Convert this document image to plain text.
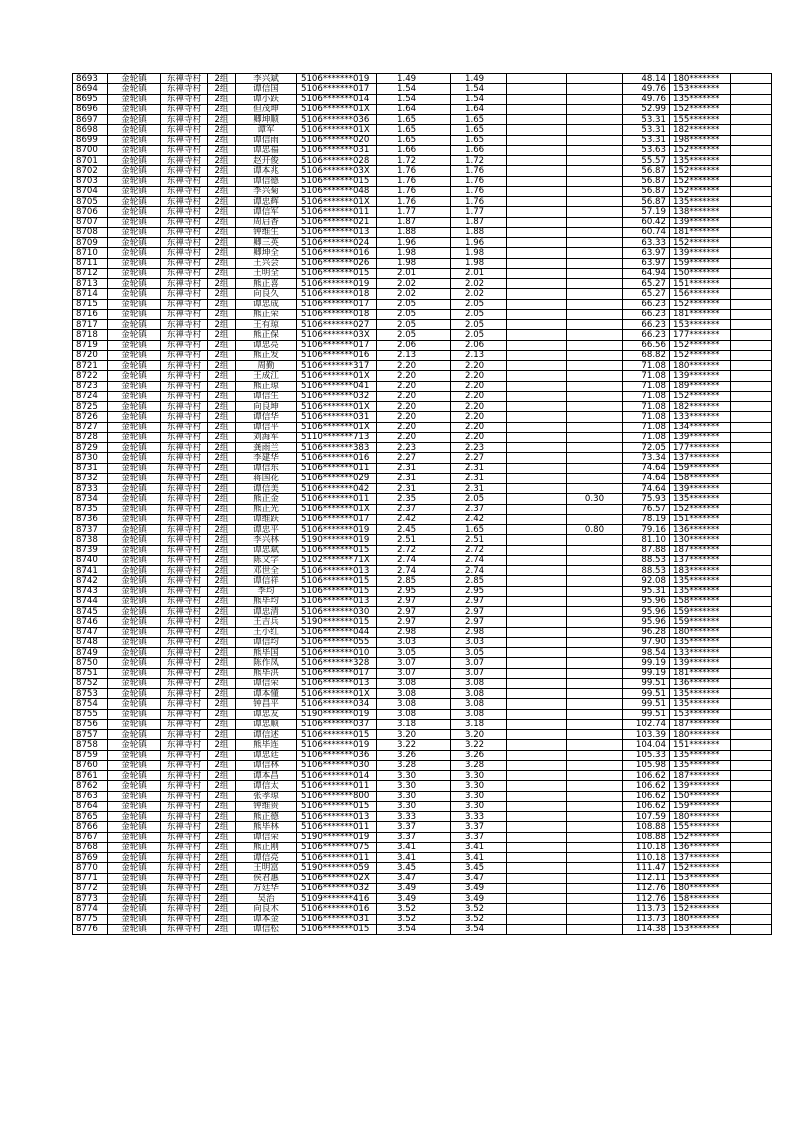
8693	金轮镇	东禅寺村	2组	李兴斌	5106*******019	1.49	1.49			48.14	180*******	
8694	金轮镇	东禅寺村	2组	谭信国	5106*******017	1.54	1.54			49.76	153*******	
8695	金轮镇	东禅寺村	2组	谭小跃	5106*******014	1.54	1.54			49.76	135*******	
8696	金轮镇	东禅寺村	2组	但茂坤	5106*******01X	1.64	1.64			52.99	152*******	
8697	金轮镇	东禅寺村	2组	卿坤顺	5106*******036	1.65	1.65			53.31	155*******	
8698	金轮镇	东禅寺村	2组	谭军	5106*******01X	1.65	1.65			53.31	182*******	
8699	金轮镇	东禅寺村	2组	谭信雨	5106*******020	1.65	1.65			53.31	198*******	
8700	金轮镇	东禅寺村	2组	谭忠福	5106*******031	1.66	1.66			53.63	152*******	
8701	金轮镇	东禅寺村	2组	赵开俊	5106*******028	1.72	1.72			55.57	135*******	
8702	金轮镇	东禅寺村	2组	谭本兆	5106*******03X	1.76	1.76			56.87	152*******	
8703	金轮镇	东禅寺村	2组	谭信德	5106*******015	1.76	1.76			56.87	152*******	
8704	金轮镇	东禅寺村	2组	李兴菊	5106*******048	1.76	1.76			56.87	152*******	
8705	金轮镇	东禅寺村	2组	谭忠辉	5106*******01X	1.76	1.76			56.87	135*******	
8706	金轮镇	东禅寺村	2组	谭信军	5106*******011	1.77	1.77			57.19	138*******	
8707	金轮镇	东禅寺村	2组	周启香	5106*******021	1.87	1.87			60.42	139*******	
8708	金轮镇	东禅寺村	2组	钟维生	5106*******013	1.88	1.88			60.74	181*******	
8709	金轮镇	东禅寺村	2组	卿三英	5106*******024	1.96	1.96			63.33	152*******	
8710	金轮镇	东禅寺村	2组	卿坤全	5106*******016	1.98	1.98			63.97	139*******	
8711	金轮镇	东禅寺村	2组	王兴会	5106*******026	1.98	1.98			63.97	159*******	
8712	金轮镇	东禅寺村	2组	王明全	5106*******015	2.01	2.01			64.94	150*******	
8713	金轮镇	东禅寺村	2组	熊正喜	5106*******019	2.02	2.02			65.27	151*******	
8714	金轮镇	东禅寺村	2组	向良久	5106*******018	2.02	2.02			65.27	156*******	
8715	金轮镇	东禅寺村	2组	谭忠成	5106*******017	2.05	2.05			66.23	152*******	
8716	金轮镇	东禅寺村	2组	熊正荣	5106*******018	2.05	2.05			66.23	181*******	
8717	金轮镇	东禅寺村	2组	王有琼	5106*******027	2.05	2.05			66.23	153*******	
8718	金轮镇	东禅寺村	2组	熊正保	5106*******03X	2.05	2.05			66.23	177*******	
8719	金轮镇	东禅寺村	2组	谭忠亮	5106*******017	2.06	2.06			66.56	152*******	
8720	金轮镇	东禅寺村	2组	熊正发	5106*******016	2.13	2.13			68.82	152*******	
8721	金轮镇	东禅寺村	2组	周勤	5106*******317	2.20	2.20			71.08	180*******	
8722	金轮镇	东禅寺村	2组	王成江	5106*******01X	2.20	2.20			71.08	139*******	
8723	金轮镇	东禅寺村	2组	熊正琼	5106*******041	2.20	2.20			71.08	189*******	
8724	金轮镇	东禅寺村	2组	谭信生	5106*******032	2.20	2.20			71.08	152*******	
8725	金轮镇	东禅寺村	2组	向良坤	5106*******01X	2.20	2.20			71.08	182*******	
8726	金轮镇	东禅寺村	2组	谭信华	5106*******031	2.20	2.20			71.08	133*******	
8727	金轮镇	东禅寺村	2组	谭信平	5106*******01X	2.20	2.20			71.08	134*******	
8728	金轮镇	东禅寺村	2组	刘海军	5110*******713	2.20	2.20			71.08	139*******	
8729	金轮镇	东禅寺村	2组	龚雨兰	5106*******383	2.23	2.23			72.05	177*******	
8730	金轮镇	东禅寺村	2组	李建华	5106*******016	2.27	2.27			73.34	137*******	
8731	金轮镇	东禅寺村	2组	谭信东	5106*******011	2.31	2.31			74.64	159*******	
8732	金轮镇	东禅寺村	2组	蒋国花	5106*******029	2.31	2.31			74.64	158*******	
8733	金轮镇	东禅寺村	2组	谭信美	5106*******042	2.31	2.31			74.64	139*******	
8734	金轮镇	东禅寺村	2组	熊正金	5106*******011	2.35	2.05		0.30	75.93	135*******	
8735	金轮镇	东禅寺村	2组	熊正光	5106*******01X	2.37	2.37			76.57	152*******	
8736	金轮镇	东禅寺村	2组	谭维跃	5106*******017	2.42	2.42			78.19	151*******	
8737	金轮镇	东禅寺村	2组	谭忠平	5106*******019	2.45	1.65		0.80	79.16	136*******	
8738	金轮镇	东禅寺村	2组	李兴林	5190*******019	2.51	2.51			81.10	130*******	
8739	金轮镇	东禅寺村	2组	谭忠斌	5106*******015	2.72	2.72			87.88	187*******	
8740	金轮镇	东禅寺村	2组	陈文学	5102*******71X	2.74	2.74			88.53	137*******	
8741	金轮镇	东禅寺村	2组	邓世全	5106*******013	2.74	2.74			88.53	183*******	
8742	金轮镇	东禅寺村	2组	谭信祥	5106*******015	2.85	2.85			92.08	135*******	
8743	金轮镇	东禅寺村	2组	李均	5106*******015	2.95	2.95			95.31	135*******	
8744	金轮镇	东禅寺村	2组	熊毕均	5106*******013	2.97	2.97			95.96	158*******	
8745	金轮镇	东禅寺村	2组	谭忠清	5106*******030	2.97	2.97			95.96	159*******	
8746	金轮镇	东禅寺村	2组	王吉兵	5190*******015	2.97	2.97			95.96	159*******	
8747	金轮镇	东禅寺村	2组	王小红	5106*******044	2.98	2.98			96.28	180*******	
8748	金轮镇	东禅寺村	2组	谭信均	5106*******055	3.03	3.03			97.90	135*******	
8749	金轮镇	东禅寺村	2组	熊毕国	5106*******010	3.05	3.05			98.54	133*******	
8750	金轮镇	东禅寺村	2组	陈作凤	5106*******328	3.07	3.07			99.19	139*******	
8751	金轮镇	东禅寺村	2组	熊毕洪	5106*******017	3.07	3.07			99.19	181*******	
8752	金轮镇	东禅寺村	2组	谭信荣	5106*******013	3.08	3.08			99.51	136*******	
8753	金轮镇	东禅寺村	2组	谭本懂	5106*******01X	3.08	3.08			99.51	135*******	
8754	金轮镇	东禅寺村	2组	钟昌平	5106*******034	3.08	3.08			99.51	135*******	
8755	金轮镇	东禅寺村	2组	谭忠友	5190*******019	3.08	3.08			99.51	153*******	
8756	金轮镇	东禅寺村	2组	谭忠顺	5106*******037	3.18	3.18			102.74	187*******	
8757	金轮镇	东禅寺村	2组	谭信述	5106*******015	3.20	3.20			103.39	180*******	
8758	金轮镇	东禅寺村	2组	熊毕连	5106*******019	3.22	3.22			104.04	151*******	
8759	金轮镇	东禅寺村	2组	谭忠廷	5106*******036	3.26	3.26			105.33	135*******	
8760	金轮镇	东禅寺村	2组	谭信林	5106*******030	3.28	3.28			105.98	135*******	
8761	金轮镇	东禅寺村	2组	谭本昌	5106*******014	3.30	3.30			106.62	187*******	
8762	金轮镇	东禅寺村	2组	谭信太	5106*******011	3.30	3.30			106.62	139*******	
8763	金轮镇	东禅寺村	2组	张孝琼	5106*******800	3.30	3.30			106.62	150*******	
8764	金轮镇	东禅寺村	2组	钟维贵	5106*******015	3.30	3.30			106.62	159*******	
8765	金轮镇	东禅寺村	2组	熊正德	5106*******013	3.33	3.33			107.59	180*******	
8766	金轮镇	东禅寺村	2组	熊毕林	5106*******011	3.37	3.37			108.88	155*******	
8767	金轮镇	东禅寺村	2组	谭信荣	5190*******019	3.37	3.37			108.88	152*******	
8768	金轮镇	东禅寺村	2组	熊正刚	5106*******075	3.41	3.41			110.18	136*******	
8769	金轮镇	东禅寺村	2组	谭信亮	5106*******011	3.41	3.41			110.18	137*******	
8770	金轮镇	东禅寺村	2组	王明富	5190*******059	3.45	3.45			111.47	152*******	
8771	金轮镇	东禅寺村	2组	侯君惠	5106*******02X	3.47	3.47			112.11	153*******	
8772	金轮镇	东禅寺村	2组	方廷华	5106*******032	3.49	3.49			112.76	180*******	
8773	金轮镇	东禅寺村	2组	吴治	5109*******416	3.49	3.49			112.76	158*******	
8774	金轮镇	东禅寺村	2组	向良木	5106*******016	3.52	3.52			113.73	152*******	
8775	金轮镇	东禅寺村	2组	谭本金	5106*******031	3.52	3.52			113.73	180*******	
8776	金轮镇	东禅寺村	2组	谭信松	5106*******015	3.54	3.54			114.38	153*******	
